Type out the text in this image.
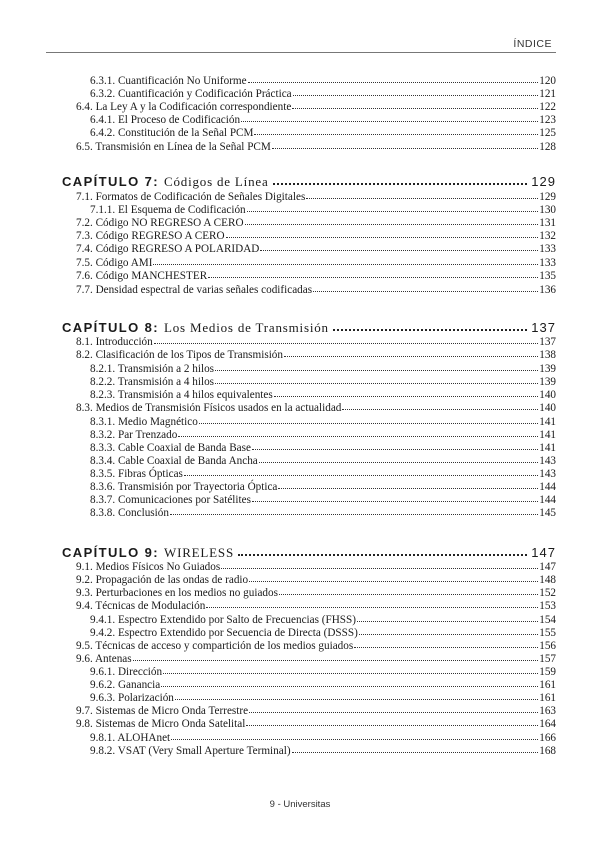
ÍNDICE
6.3.1. Cuantificación No Uniforme	120
6.3.2. Cuantificación y Codificación Práctica	121
6.4. La Ley A y la Codificación correspondiente	122
6.4.1. El Proceso de Codificación	123
6.4.2. Constitución de la Señal PCM	125
6.5. Transmisión en Línea de la Señal PCM	128
CAPÍTULO 7: Códigos de Línea	129
7.1. Formatos de Codificación de Señales Digitales	129
7.1.1. El Esquema de Codificación	130
7.2. Código NO REGRESO A CERO	131
7.3. Código REGRESO A CERO	132
7.4. Código REGRESO A POLARIDAD	133
7.5. Código AMI	133
7.6. Código MANCHESTER	135
7.7. Densidad espectral de varias señales codificadas	136
CAPÍTULO 8: Los Medios de Transmisión	137
8.1. Introducción	137
8.2. Clasificación de los Tipos de Transmisión	138
8.2.1. Transmisión a 2 hilos	139
8.2.2. Transmisión a 4 hilos	139
8.2.3. Transmisión a 4 hilos equivalentes	140
8.3. Medios de Transmisión Físicos usados en la actualidad	140
8.3.1. Medio Magnético	141
8.3.2. Par Trenzado	141
8.3.3. Cable Coaxial de Banda Base	141
8.3.4. Cable Coaxial de Banda Ancha	143
8.3.5. Fibras Ópticas	143
8.3.6. Transmisión por Trayectoria Óptica	144
8.3.7. Comunicaciones por Satélites	144
8.3.8. Conclusión	145
CAPÍTULO 9: WIRELESS	147
9.1. Medios Físicos No Guiados	147
9.2. Propagación de las ondas de radio	148
9.3. Perturbaciones en los medios no guiados	152
9.4. Técnicas de Modulación	153
9.4.1. Espectro Extendido por Salto de Frecuencias (FHSS)	154
9.4.2. Espectro Extendido por Secuencia de Directa (DSSS)	155
9.5. Técnicas de acceso y compartición de los medios guiados	156
9.6. Antenas	157
9.6.1. Dirección	159
9.6.2. Ganancia	161
9.6.3. Polarización	161
9.7. Sistemas de Micro Onda Terrestre	163
9.8. Sistemas de Micro Onda Satelital	164
9.8.1. ALOHAnet	166
9.8.2. VSAT (Very Small Aperture Terminal)	168
9 - Universitas
